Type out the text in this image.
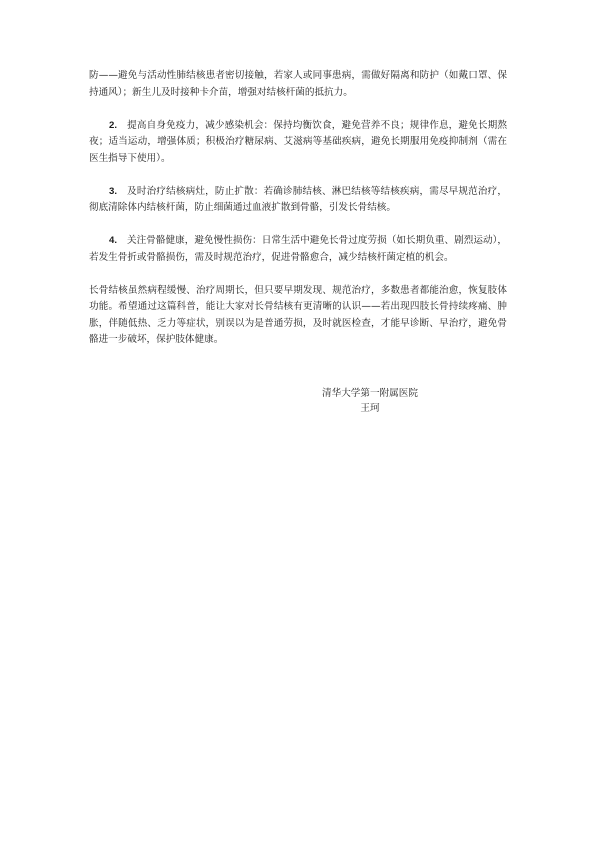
防——避免与活动性肺结核患者密切接触，若家人或同事患病，需做好隔离和防护（如戴口罩、保持通风）；新生儿及时接种卡介苗，增强对结核杆菌的抵抗力。

2. 提高自身免疫力，减少感染机会：保持均衡饮食，避免营养不良；规律作息，避免长期熬夜；适当运动，增强体质；积极治疗糖尿病、艾滋病等基础疾病，避免长期服用免疫抑制剂（需在医生指导下使用）。

3. 及时治疗结核病灶，防止扩散：若确诊肺结核、淋巴结核等结核疾病，需尽早规范治疗，彻底清除体内结核杆菌，防止细菌通过血液扩散到骨骼，引发长骨结核。

4. 关注骨骼健康，避免慢性损伤：日常生活中避免长骨过度劳损（如长期负重、剧烈运动），若发生骨折或骨骼损伤，需及时规范治疗，促进骨骼愈合，减少结核杆菌定植的机会。

长骨结核虽然病程缓慢、治疗周期长，但只要早期发现、规范治疗，多数患者都能治愈，恢复肢体功能。希望通过这篇科普，能让大家对长骨结核有更清晰的认识——若出现四肢长骨持续疼痛、肿胀，伴随低热、乏力等症状，别误以为是普通劳损，及时就医检查，才能早诊断、早治疗，避免骨骼进一步破坏，保护肢体健康。

清华大学第一附属医院
王珂
